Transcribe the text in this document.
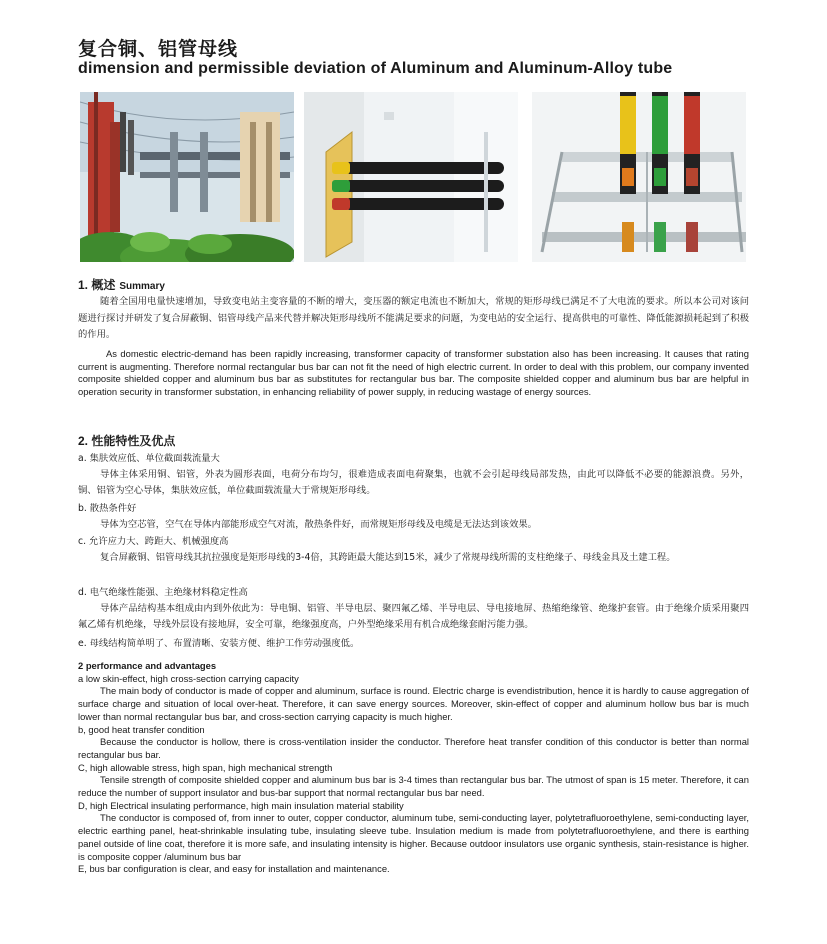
复合铜、铝管母线
dimension and permissible deviation of Aluminum and Aluminum-Alloy tube
1. 概述 Summary
随着全国用电量快速增加，导致变电站主变容量的不断的增大，变压器的额定电流也不断加大，常规的矩形母线已满足不了大电流的要求。所以本公司对该问题进行探讨并研发了复合屏蔽铜、铝管母线产品来代替并解决矩形母线所不能满足要求的问题，为变电站的安全运行、提高供电的可靠性、降低能源损耗起到了积极的作用。
As domestic electric-demand has been rapidly increasing, transformer capacity of transformer substation also has been increasing. It causes that rating current is augmenting. Therefore normal rectangular bus bar can not fit the need of high electric current. In order to deal with this problem, our company invented composite shielded copper and aluminum bus bar as substitutes for rectangular bus bar. The composite shielded copper and aluminum bus bar are helpful in operation security in transformer substation, in enhancing reliability of power supply, in reducing wastage of energy sources.
2. 性能特性及优点
a. 集肤效应低、单位截面载流量大
导体主体采用铜、铝管，外表为圆形表面，电荷分布均匀，很难造成表面电荷聚集，也就不会引起母线局部发热，由此可以降低不必要的能源浪费。另外，铜、铝管为空心导体，集肤效应低，单位截面载流量大于常规矩形母线。
b. 散热条件好
导体为空芯管，空气在导体内部能形成空气对流，散热条件好，而常规矩形母线及电缆是无法达到该效果。
c. 允许应力大、跨距大、机械强度高
复合屏蔽铜、铝管母线其抗拉强度是矩形母线的3-4倍，其跨距最大能达到15米，减少了常规母线所需的支柱绝缘子、母线金具及土建工程。
d. 电气绝缘性能强、主绝缘材料稳定性高
导体产品结构基本组成由内到外依此为：导电铜、铝管、半导电层、聚四氟乙烯、半导电层、导电接地屏、热缩绝缘管、绝缘护套管。由于绝缘介质采用聚四氟乙烯有机绝缘，导线外层设有接地屏，安全可靠，绝缘强度高，户外型绝缘采用有机合成绝缘套耐污能力强。
e. 母线结构简单明了、布置清晰、安装方便、维护工作劳动强度低。
2 performance and advantages
a low skin-effect, high cross-section carrying capacity
The main body of conductor is made of copper and aluminum, surface is round. Electric charge is evendistribution, hence it is hardly to cause aggregation of surface charge and situation of local over-heat. Therefore, it can save energy sources. Moreover, skin-effect of copper and aluminum hollow bus bar is much lower than normal rectangular bus bar, and cross-section carrying capacity is much higher.
b, good heat transfer condition
Because the conductor is hollow, there is cross-ventilation insider the conductor. Therefore heat transfer condition of this conductor is better than normal rectangular bus bar.
C, high allowable stress, high span, high mechanical strength
Tensile strength of composite shielded copper and aluminum bus bar is 3-4 times than rectangular bus bar. The utmost of span is 15 meter. Therefore, it can reduce the number of support insulator and bus-bar support that normal rectangular bus bar need.
D, high Electrical insulating performance, high main insulation material stability
The conductor is composed of, from inner to outer, copper conductor, aluminum tube, semi-conducting layer, polytetrafluoroethylene, semi-conducting layer, electric earthing panel, heat-shrinkable insulating tube, insulating sleeve tube. Insulation medium is made from polytetrafluoroethylene, and there is earthing panel outside of line coat, therefore it is more safe, and insulating intensity is higher. Because outdoor insulators use organic synthesis, stain-resistance is higher. is composite copper /aluminum bus bar
E, bus bar configuration is clear, and easy for installation and maintenance.
